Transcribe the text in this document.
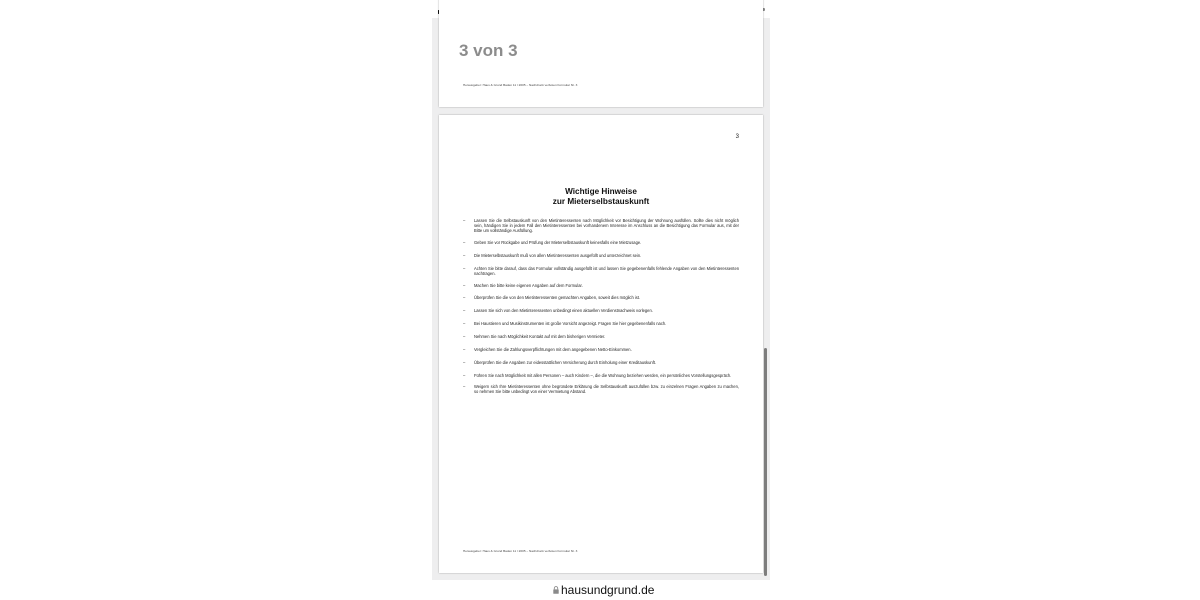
3 von 3
Herausgeber: Haus & Grund Baden 11 / 2005 – Nachdruck verboten Formular Nr. 3
3
Wichtige Hinweise
zur Mieterselbstauskunft
– Lassen Sie die Selbstauskunft von den Mietinteressenten nach Möglichkeit vor Besichtigung der Wohnung ausfüllen. Sollte dies nicht möglich sein, händigen Sie in jedem Fall den Mietinteressenten bei vorhandenem Interesse im Anschluss an die Besichtigung das Formular aus, mit der Bitte um vollständige Ausfüllung.
– Geben Sie vor Rückgabe und Prüfung der Mieterselbstauskunft keinesfalls eine Mietzusage.
– Die Mieterselbstauskunft muß von allen Mietinteressenten ausgefüllt und unterzeichnet sein.
– Achten Sie bitte darauf, dass das Formular vollständig ausgefüllt ist und lassen Sie gegebenenfalls fehlende Angaben von den Mietinteressenten nachtragen.
– Machen Sie bitte keine eigenen Angaben auf dem Formular.
– Überprüfen Sie die von den Mietinteressenten gemachten Angaben, soweit dies möglich ist.
– Lassen Sie sich von den Mietinteressenten unbedingt einen aktuellen Verdienstnachweis vorlegen.
– Bei Haustieren und Musikinstrumenten ist große Vorsicht angezeigt. Fragen Sie hier gegebenenfalls nach.
– Nehmen Sie nach Möglichkeit Kontakt auf mit dem bisherigen Vermieter.
– Vergleichen Sie die Zahlungsverpflichtungen mit dem angegebenen Netto-Einkommen.
– Überprüfen Sie die Angaben zur eidesstattlichen Versicherung durch Einholung einer Kreditauskunft.
– Führen Sie nach Möglichkeit mit allen Personen – auch Kindern –, die die Wohnung beziehen werden, ein persönliches Vorstellungsgespräch.
– Weigern sich Ihre Mietinteressenten ohne begründete Erklärung die Selbstauskunft auszufüllen bzw. zu einzelnen Fragen Angaben zu machen, so nehmen Sie bitte unbedingt von einer Vermietung Abstand.
Herausgeber: Haus & Grund Baden 11 / 2005 – Nachdruck verboten Formular Nr. 3
hausundgrund.de
